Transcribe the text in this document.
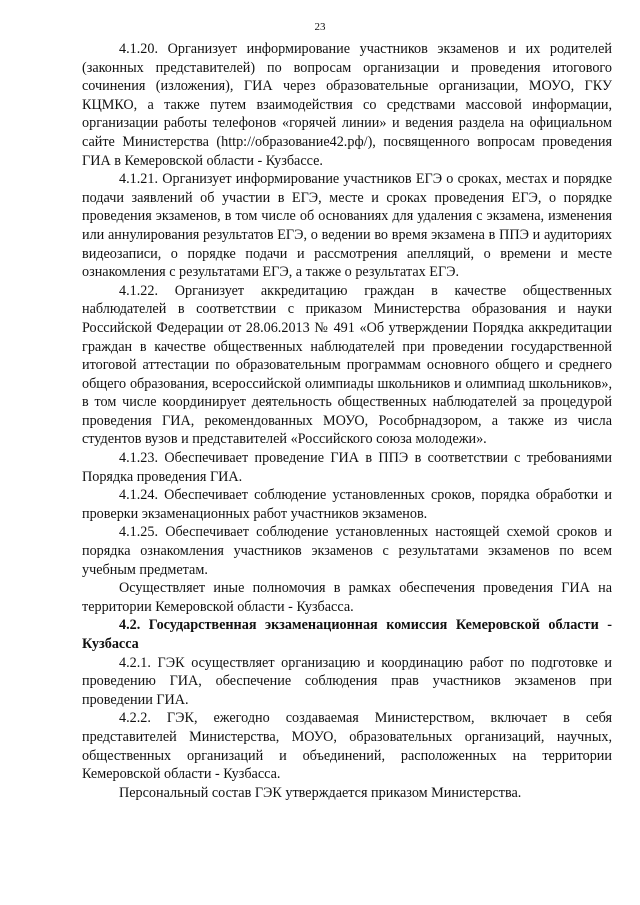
23

4.1.20. Организует информирование участников экзаменов и их родителей (законных представителей) по вопросам организации и проведения итогового сочинения (изложения), ГИА через образовательные организации, МОУО, ГКУ КЦМКО, а также путем взаимодействия со средствами массовой информации, организации работы телефонов «горячей линии» и ведения раздела на официальном сайте Министерства (http://образование42.рф/), посвященного вопросам проведения ГИА в Кемеровской области - Кузбассе.

4.1.21. Организует информирование участников ЕГЭ о сроках, местах и порядке подачи заявлений об участии в ЕГЭ, месте и сроках проведения ЕГЭ, о порядке проведения экзаменов, в том числе об основаниях для удаления с экзамена, изменения или аннулирования результатов ЕГЭ, о ведении во время экзамена в ППЭ и аудиториях видеозаписи, о порядке подачи и рассмотрения апелляций, о времени и месте ознакомления с результатами ЕГЭ, а также о результатах ЕГЭ.

4.1.22. Организует аккредитацию граждан в качестве общественных наблюдателей в соответствии с приказом Министерства образования и науки Российской Федерации от 28.06.2013 № 491 «Об утверждении Порядка аккредитации граждан в качестве общественных наблюдателей при проведении государственной итоговой аттестации по образовательным программам основного общего и среднего общего образования, всероссийской олимпиады школьников и олимпиад школьников», в том числе координирует деятельность общественных наблюдателей за процедурой проведения ГИА, рекомендованных МОУО, Рособрнадзором, а также из числа студентов вузов и представителей «Российского союза молодежи».

4.1.23. Обеспечивает проведение ГИА в ППЭ в соответствии с требованиями Порядка проведения ГИА.

4.1.24. Обеспечивает соблюдение установленных сроков, порядка обработки и проверки экзаменационных работ участников экзаменов.

4.1.25. Обеспечивает соблюдение установленных настоящей схемой сроков и порядка ознакомления участников экзаменов с результатами экзаменов по всем учебным предметам.

Осуществляет иные полномочия в рамках обеспечения проведения ГИА на территории Кемеровской области - Кузбасса.

4.2. Государственная экзаменационная комиссия Кемеровской области - Кузбасса

4.2.1. ГЭК осуществляет организацию и координацию работ по подготовке и проведению ГИА, обеспечение соблюдения прав участников экзаменов при проведении ГИА.

4.2.2. ГЭК, ежегодно создаваемая Министерством, включает в себя представителей Министерства, МОУО, образовательных организаций, научных, общественных организаций и объединений, расположенных на территории Кемеровской области - Кузбасса.

Персональный состав ГЭК утверждается приказом Министерства.
